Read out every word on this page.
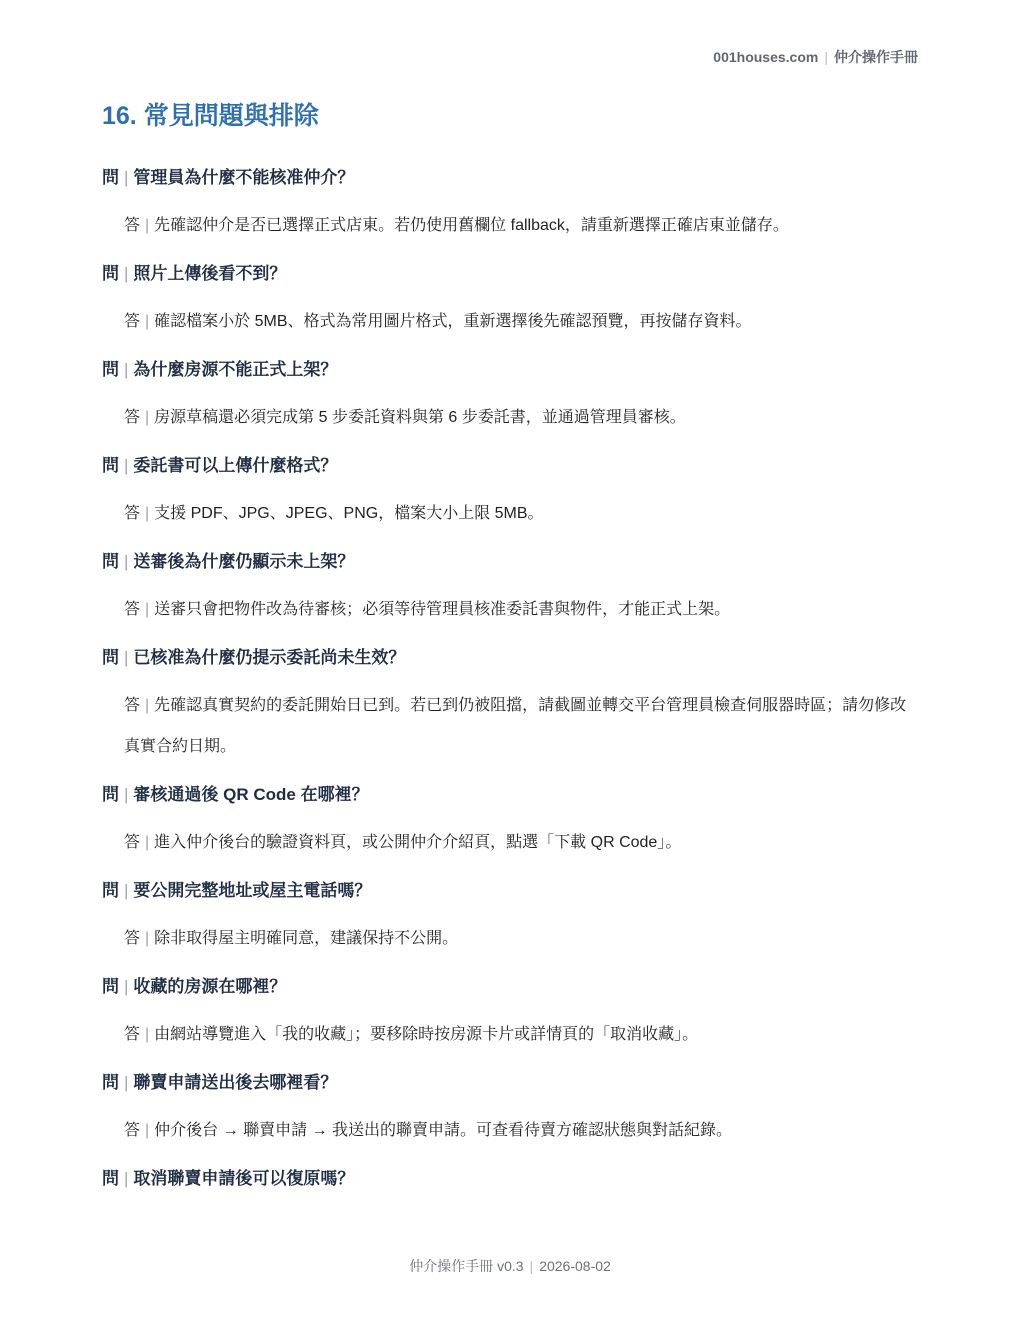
001houses.com | 仲介操作手冊
16. 常見問題與排除
問 | 管理員為什麼不能核准仲介？
答 | 先確認仲介是否已選擇正式店東。若仍使用舊欄位 fallback，請重新選擇正確店東並儲存。
問 | 照片上傳後看不到？
答 | 確認檔案小於 5MB、格式為常用圖片格式，重新選擇後先確認預覽，再按儲存資料。
問 | 為什麼房源不能正式上架？
答 | 房源草稿還必須完成第 5 步委託資料與第 6 步委託書，並通過管理員審核。
問 | 委託書可以上傳什麼格式？
答 | 支援 PDF、JPG、JPEG、PNG，檔案大小上限 5MB。
問 | 送審後為什麼仍顯示未上架？
答 | 送審只會把物件改為待審核；必須等待管理員核准委託書與物件，才能正式上架。
問 | 已核准為什麼仍提示委託尚未生效？
答 | 先確認真實契約的委託開始日已到。若已到仍被阻擋，請截圖並轉交平台管理員檢查伺服器時區；請勿修改真實合約日期。
問 | 審核通過後 QR Code 在哪裡？
答 | 進入仲介後台的驗證資料頁，或公開仲介介紹頁，點選「下載 QR Code」。
問 | 要公開完整地址或屋主電話嗎？
答 | 除非取得屋主明確同意，建議保持不公開。
問 | 收藏的房源在哪裡？
答 | 由網站導覽進入「我的收藏」；要移除時按房源卡片或詳情頁的「取消收藏」。
問 | 聯賣申請送出後去哪裡看？
答 | 仲介後台 → 聯賣申請 → 我送出的聯賣申請。可查看待賣方確認狀態與對話紀錄。
問 | 取消聯賣申請後可以復原嗎？
仲介操作手冊 v0.3 | 2026-08-02
